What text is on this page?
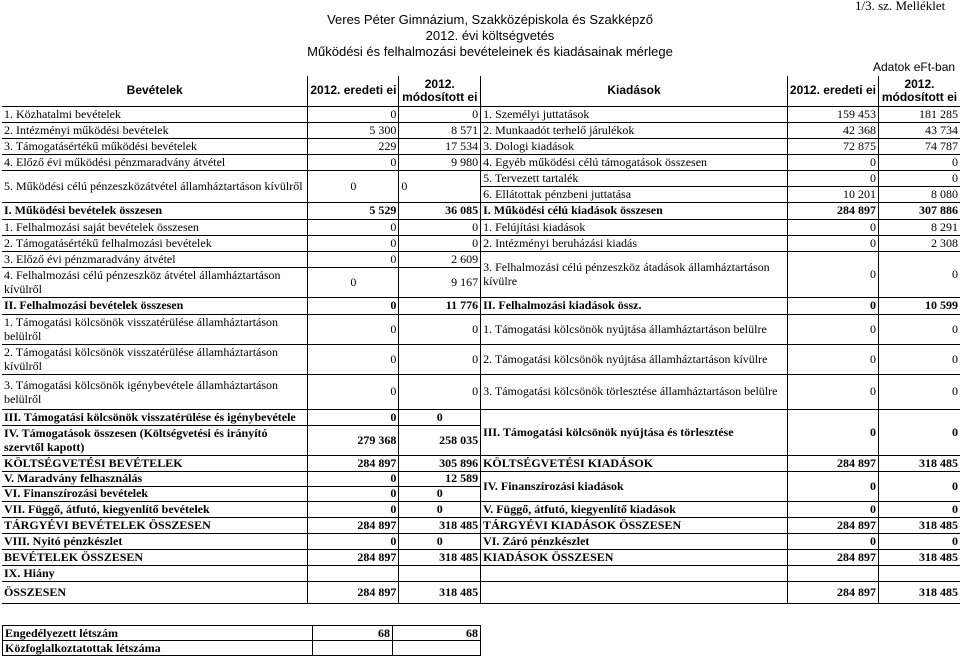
1/3. sz. Melléklet
Veres Péter Gimnázium, Szakközépiskola és Szakképző
2012. évi költségvetés
Működési és felhalmozási bevételeinek és kiadásainak mérlege
Adatok eFt-ban
Bevételek	2012. eredeti ei	2012. módosított ei	Kiadások	2012. eredeti ei	2012. módosított ei
1. Közhatalmi bevételek	0	0	1. Személyi juttatások	159 453	181 285
2. Intézményi működési bevételek	5 300	8 571	2. Munkaadót terhelő járulékok	42 368	43 734
3. Támogatásértékű működési bevételek	229	17 534	3. Dologi kiadások	72 875	74 787
4. Előző évi működési pénzmaradvány átvétel	0	9 980	4. Egyéb működési célú támogatások összesen	0	0
5. Működési célú pénzeszközátvétel államháztartáson kívülről	0	0	5. Tervezett tartalék	0	0
			6. Ellátottak pénzbeni juttatása	10 201	8 080
I. Működési bevételek összesen	5 529	36 085	I. Működési célú kiadások összesen	284 897	307 886
1. Felhalmozási saját bevételek összesen	0	0	1. Felújítási kiadások	0	8 291
2. Támogatásértékű felhalmozási bevételek	0	0	2. Intézményi beruházási kiadás	0	2 308
3. Előző évi pénzmaradvány átvétel	0	2 609	3. Felhalmozási célú pénzeszköz átadások államháztartáson kívülre	0	0
4. Felhalmozási célú pénzeszköz átvétel államháztartáson kívülről	0	9 167			
II. Felhalmozási bevételek összesen	0	11 776	II. Felhalmozási kiadások össz.	0	10 599
1. Támogatási kölcsönök visszatérülése államháztartáson belülről	0	0	1. Támogatási kölcsönök nyújtása államháztartáson belülre	0	0
2. Támogatási kölcsönök visszatérülése államháztartáson kívülről	0	0	2. Támogatási kölcsönök nyújtása államháztartáson kívülre	0	0
3. Támogatási kölcsönök igénybevétele államháztartáson belülről	0	0	3. Támogatási kölcsönök törlesztése államháztartáson belülre	0	0
III. Támogatási kölcsönök visszatérülése és igénybevétele	0	0	III. Támogatási kölcsönök nyújtása és törlesztése	0	0
IV. Támogatások összesen (Költségvetési és irányító szervtől kapott)	279 368	258 035			
KÖLTSÉGVETÉSI BEVÉTELEK	284 897	305 896	KÖLTSÉGVETÉSI KIADÁSOK	284 897	318 485
V. Maradvány felhasználás	0	12 589	IV. Finanszírozási kiadások	0	0
VI. Finanszírozási bevételek	0	0			
VII. Függő, átfutó, kiegyenlítő bevételek	0	0	V. Függő, átfutó, kiegyenlítő kiadások	0	0
TÁRGYÉVI BEVÉTELEK ÖSSZESEN	284 897	318 485	TÁRGYÉVI KIADÁSOK ÖSSZESEN	284 897	318 485
VIII. Nyitó pénzkészlet	0	0	VI. Záró pénzkészlet	0	0
BEVÉTELEK ÖSSZESEN	284 897	318 485	KIADÁSOK ÖSSZESEN	284 897	318 485
IX. Hiány					
ÖSSZESEN	284 897	318 485		284 897	318 485
Engedélyezett létszám	68	68
Közfoglalkoztatottak létszáma		
